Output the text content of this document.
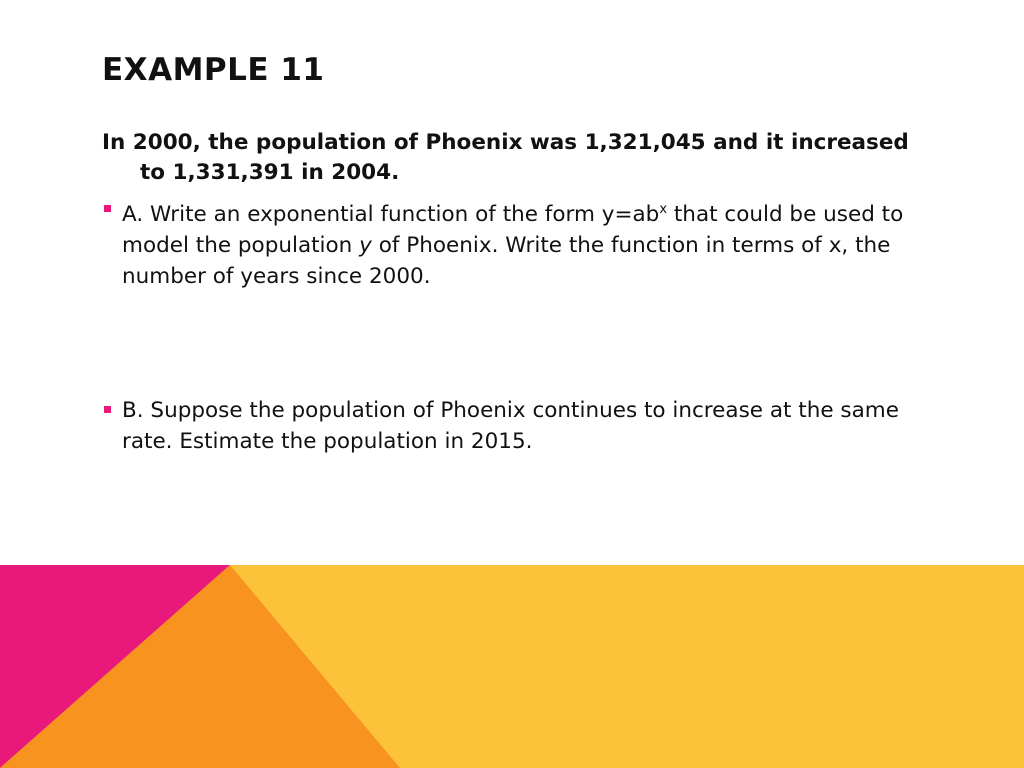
EXAMPLE 11

In 2000, the population of Phoenix was 1,321,045 and it increased
to 1,331,391 in 2004.

A. Write an exponential function of the form $y=ab^x$ that could be used to model the population y of Phoenix. Write the function in terms of x, the number of years since 2000.
B. Suppose the population of Phoenix continues to increase at the same rate. Estimate the population in 2015.
